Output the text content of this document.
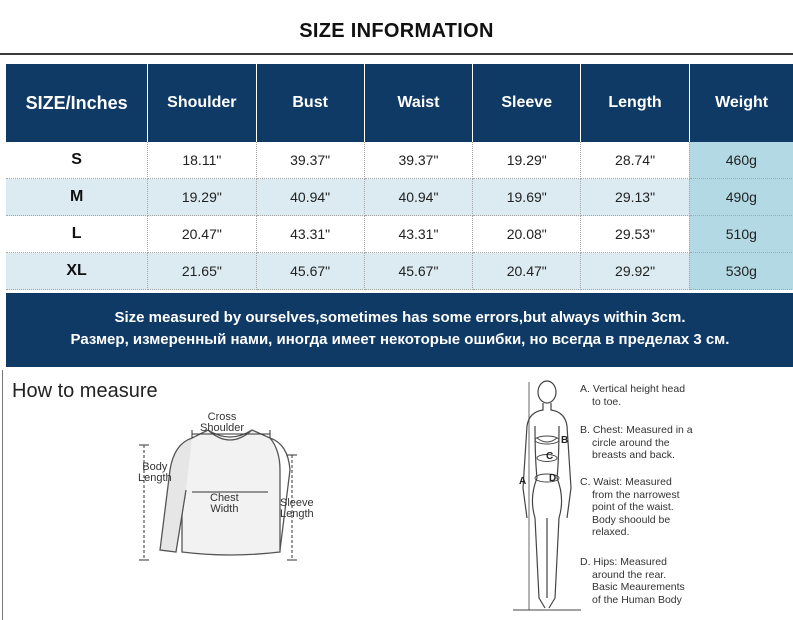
SIZE INFORMATION
SIZE/Inches	Shoulder	Bust	Waist	Sleeve	Length	Weight
S	18.11"	39.37"	39.37"	19.29"	28.74"	460g
M	19.29"	40.94"	40.94"	19.69"	29.13"	490g
L	20.47"	43.31"	43.31"	20.08"	29.53"	510g
XL	21.65"	45.67"	45.67"	20.47"	29.92"	530g
Size measured by ourselves,sometimes has some errors,but always within 3cm.
Размер, измеренный нами, иногда имеет некоторые ошибки, но всегда в пределах 3 см.
How to measure
Cross
Shoulder
Body
Length
Chest
Width	Sleeve
Length
A
B
C
D
A. Vertical height head
to toe.
B. Chest: Measured in a
circle around the
breasts and back.
C. Waist: Measured
from the narrowest
point of the waist.
Body shoould be
relaxed.
D. Hips: Measured
around the rear.
Basic Meaurements
of the Human Body
